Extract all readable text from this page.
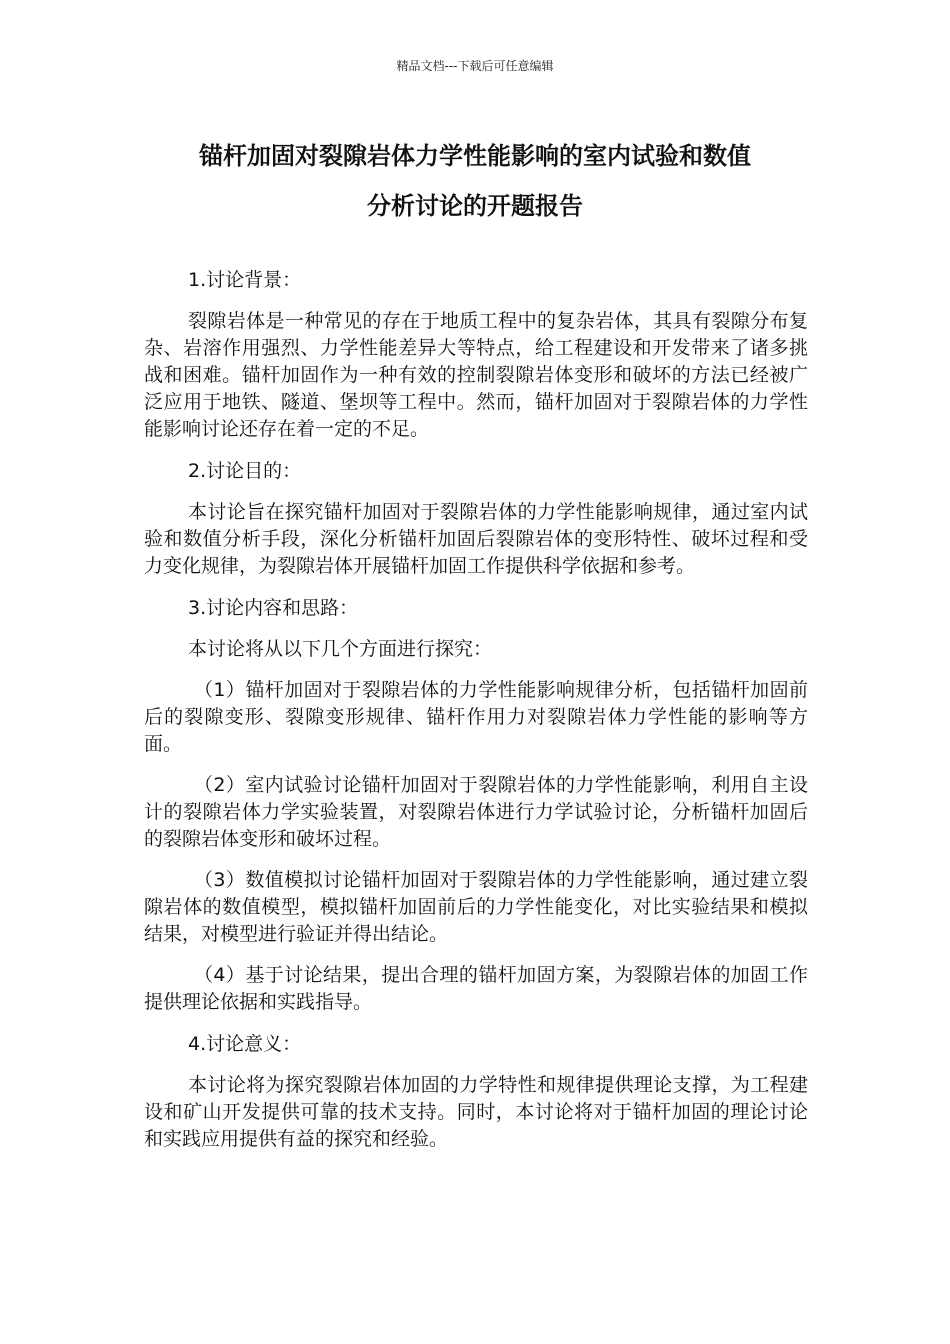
精品文档---下载后可任意编辑
锚杆加固对裂隙岩体力学性能影响的室内试验和数值
分析讨论的开题报告

1.讨论背景：

裂隙岩体是一种常见的存在于地质工程中的复杂岩体，其具有裂隙分布复杂、岩溶作用强烈、力学性能差异大等特点，给工程建设和开发带来了诸多挑战和困难。锚杆加固作为一种有效的控制裂隙岩体变形和破坏的方法已经被广泛应用于地铁、隧道、堡坝等工程中。然而，锚杆加固对于裂隙岩体的力学性能影响讨论还存在着一定的不足。

2.讨论目的：

本讨论旨在探究锚杆加固对于裂隙岩体的力学性能影响规律，通过室内试验和数值分析手段，深化分析锚杆加固后裂隙岩体的变形特性、破坏过程和受力变化规律，为裂隙岩体开展锚杆加固工作提供科学依据和参考。

3.讨论内容和思路：

本讨论将从以下几个方面进行探究：

（1）锚杆加固对于裂隙岩体的力学性能影响规律分析，包括锚杆加固前后的裂隙变形、裂隙变形规律、锚杆作用力对裂隙岩体力学性能的影响等方面。

（2）室内试验讨论锚杆加固对于裂隙岩体的力学性能影响，利用自主设计的裂隙岩体力学实验装置，对裂隙岩体进行力学试验讨论，分析锚杆加固后的裂隙岩体变形和破坏过程。

（3）数值模拟讨论锚杆加固对于裂隙岩体的力学性能影响，通过建立裂隙岩体的数值模型，模拟锚杆加固前后的力学性能变化，对比实验结果和模拟结果，对模型进行验证并得出结论。

（4）基于讨论结果，提出合理的锚杆加固方案，为裂隙岩体的加固工作提供理论依据和实践指导。

4.讨论意义：

本讨论将为探究裂隙岩体加固的力学特性和规律提供理论支撑，为工程建设和矿山开发提供可靠的技术支持。同时，本讨论将对于锚杆加固的理论讨论和实践应用提供有益的探究和经验。
